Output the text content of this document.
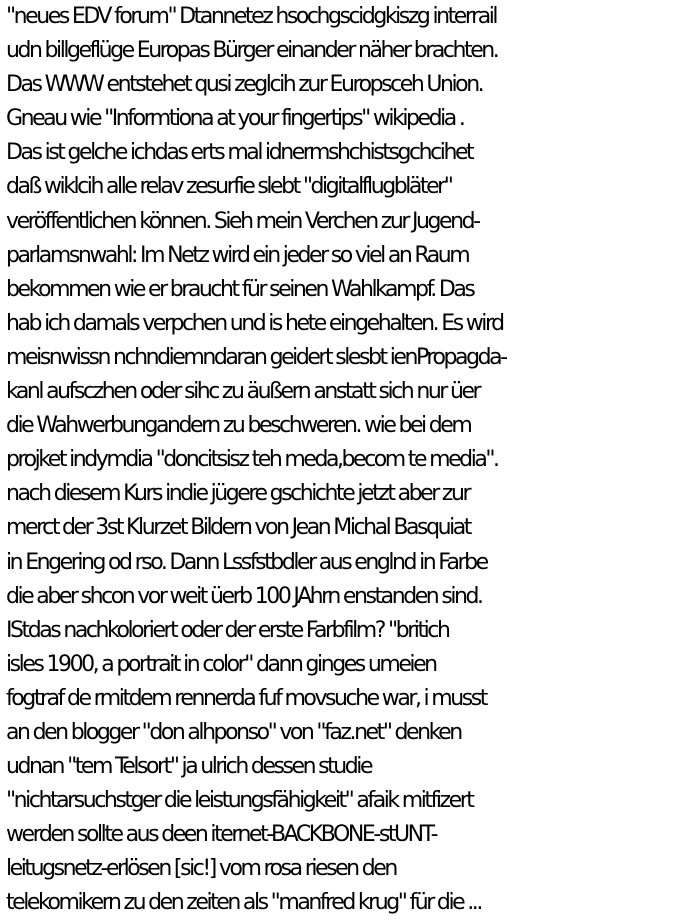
"neues EDV forum" Dtannetez hsochgscidgkiszg interrail
udn billgeflüge Europas Bürger einander näher brachten.
Das WWW entstehet qusi zeglcih zur Europsceh Union.
Gneau wie "Informtiona at your fingertips" wikipedia .
Das ist gelche ichdas erts mal idnermshchistsgchcihet
daß wiklcih alle relav zesurfie slebt "digitalflugbläter"
veröffentlichen können. Sieh mein Verchen zur Jugend-
parlamsnwahl: Im Netz wird ein jeder so viel an Raum
bekommen wie er braucht für seinen Wahlkampf. Das
hab ich damals verpchen und is hete eingehalten. Es wird
meisnwissn nchndiemndaran geidert slesbt ienPropagda-
kanl aufsczhen oder sihc zu äußern anstatt sich nur üer
die Wahwerbungandern zu beschweren. wie bei dem
projket indymdia "doncitsisz teh meda,becom te media".
nach diesem Kurs indie jügere gschichte jetzt aber zur
merct der 3st Klurzet Bildern von Jean Michal Basquiat
in Engering od rso. Dann Lssfstbdler aus englnd in Farbe
die aber shcon vor weit üerb 100 JAhrn enstanden sind.
IStdas nachkoloriert oder der erste Farbfilm? "britich
isles 1900, a portrait in color" dann ginges umeien
fogtraf de rmitdem rennerda fuf movsuche war, i musst
an den blogger "don alhponso" von "faz.net" denken
udnan "tem Telsort" ja ulrich dessen studie
"nichtarsuchstger die leistungsfähigkeit" afaik mitfizert
werden sollte aus deen iternet-BACKBONE-stUNT-
leitugsnetz-erlösen [sic!] vom rosa riesen den
telekomikern zu den zeiten als "manfred krug" für die ...
